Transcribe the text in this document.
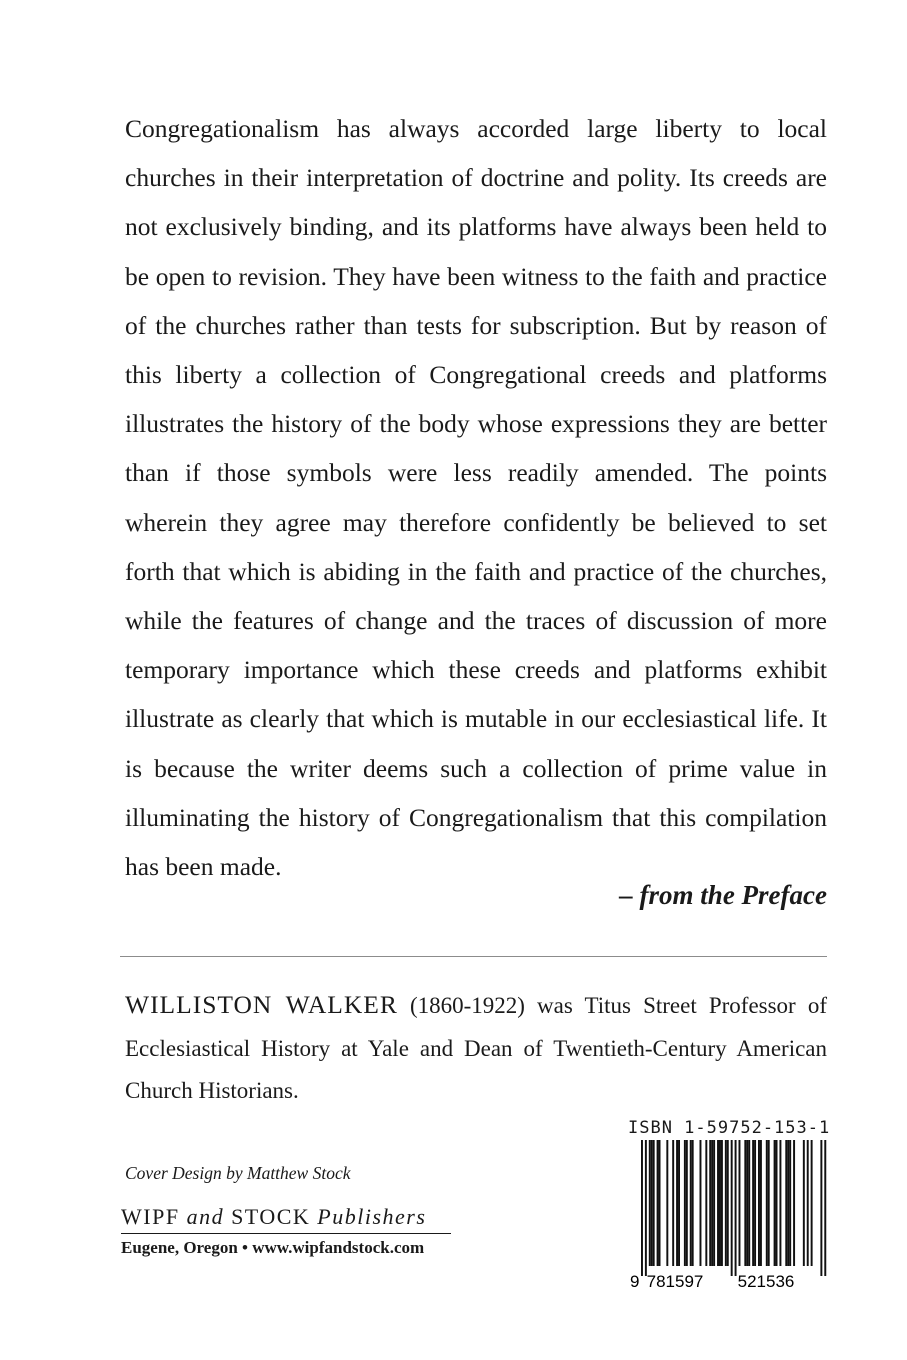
Congregationalism has always accorded large liberty to local churches in their interpretation of doctrine and polity. Its creeds are not exclusively binding, and its platforms have always been held to be open to revision. They have been witness to the faith and practice of the churches rather than tests for subscription. But by reason of this liberty a collection of Congregational creeds and platforms illustrates the history of the body whose expressions they are better than if those symbols were less readily amended. The points wherein they agree may therefore confidently be believed to set forth that which is abiding in the faith and practice of the churches, while the features of change and the traces of discussion of more temporary importance which these creeds and platforms exhibit illustrate as clearly that which is mutable in our ecclesiastical life. It is because the writer deems such a collection of prime value in illuminating the history of Congregationalism that this compilation has been made.

– from the Preface

WILLISTON WALKER (1860-1922) was Titus Street Professor of Ecclesiastical History at Yale and Dean of Twentieth-Century American Church Historians.

Cover Design by Matthew Stock

WIPF and STOCK Publishers
Eugene, Oregon • www.wipfandstock.com
ISBN 1-59752-153-1
9 781597 521536
